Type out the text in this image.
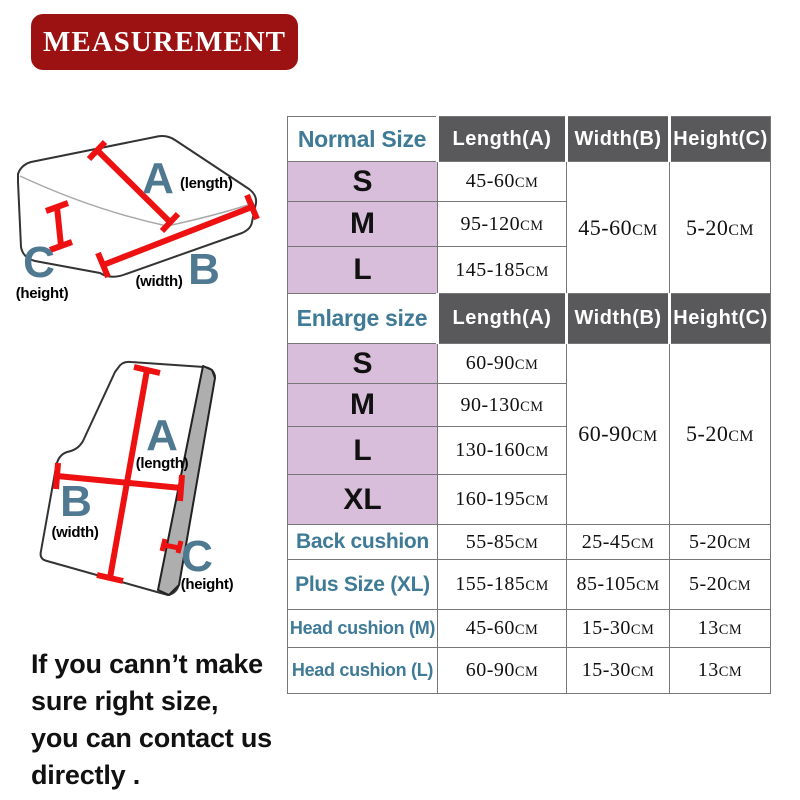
MEASUREMENT
A (length)
B
(width)
C
(height)
A
(length)
B
(width) C
(height)
Normal Size	Length(A)	Width(B)	Height(C)
S	45-60CM	45-60CM	5-20CM
M	95-120CM		
L	145-185CM		
Enlarge size	Length(A)	Width(B)	Height(C)
S	60-90CM	60-90CM	5-20CM
M	90-130CM		
L	130-160CM		
XL	160-195CM		
Back cushion	55-85CM	25-45CM	5-20CM
Plus Size (XL)	155-185CM	85-105CM	5-20CM
Head cushion (M)	45-60CM	15-30CM	13CM
Head cushion (L)	60-90CM	15-30CM	13CM
If you cann’t make
sure right size,
you can contact us
directly .
